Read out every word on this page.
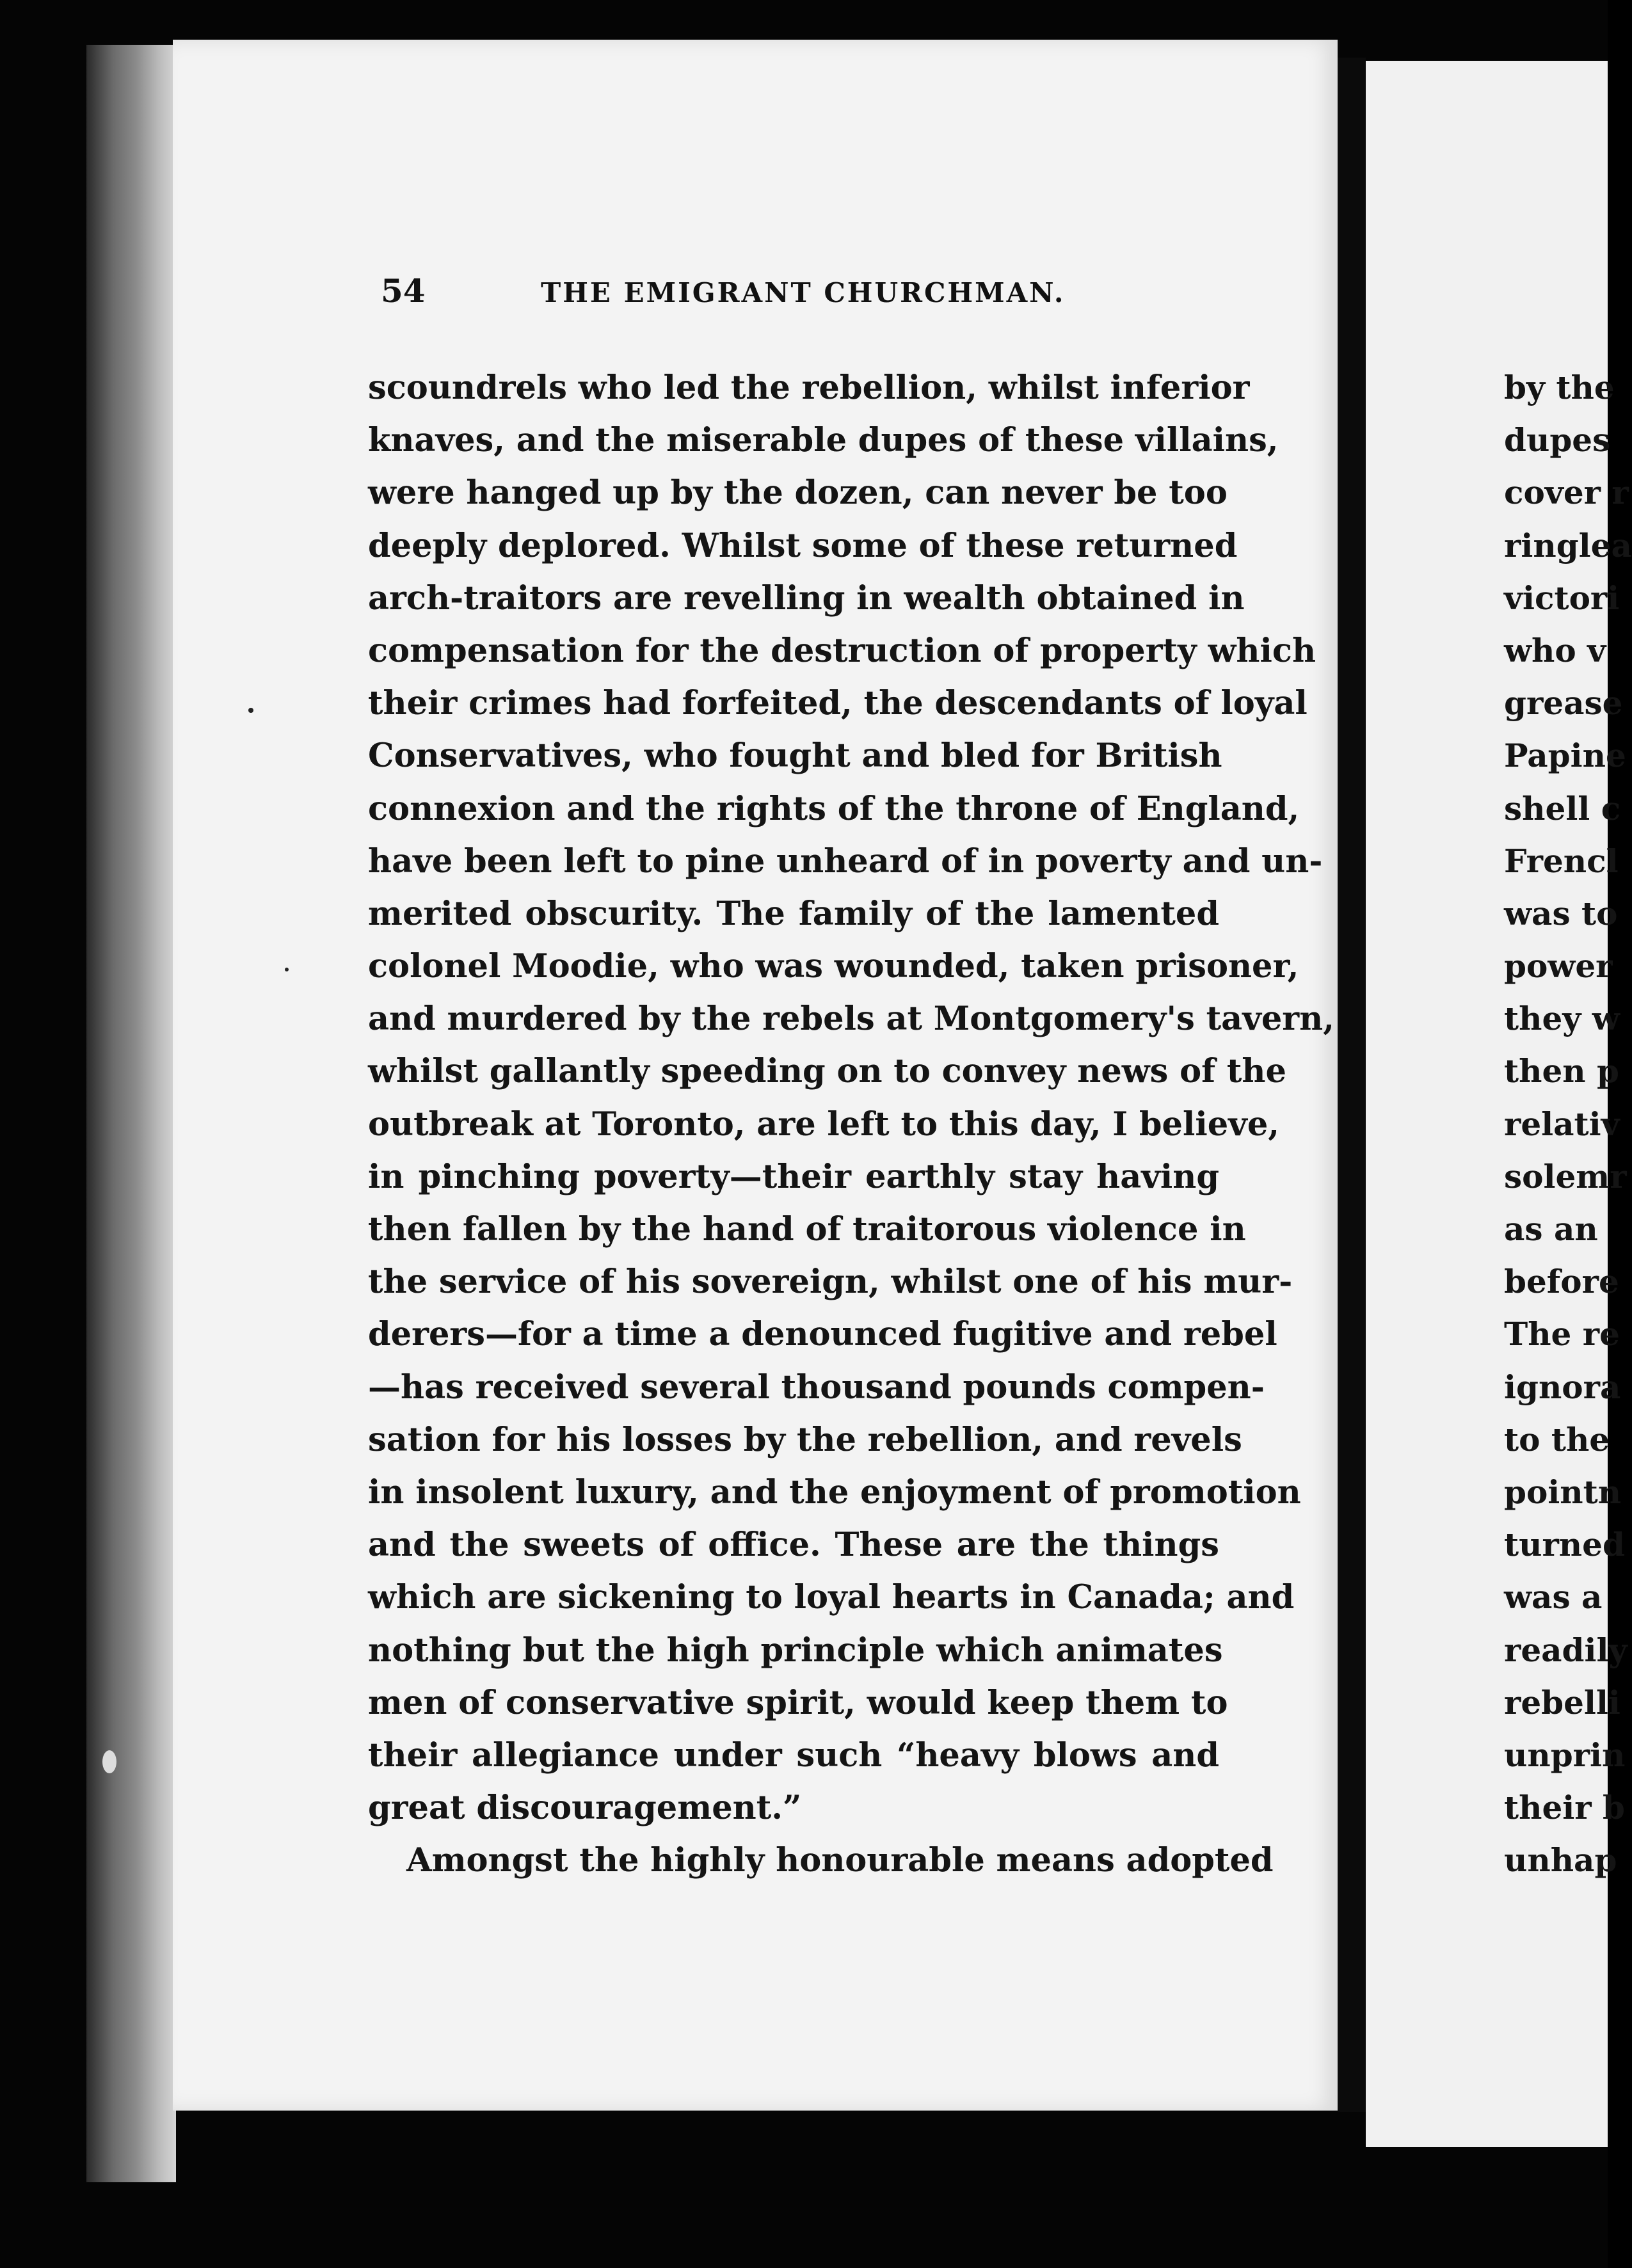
54	THE EMIGRANT CHURCHMAN.
scoundrels who led the rebellion, whilst inferior
knaves, and the miserable dupes of these villains,
were hanged up by the dozen, can never be too
deeply deplored. Whilst some of these returned
arch-traitors are revelling in wealth obtained in
compensation for the destruction of property which
their crimes had forfeited, the descendants of loyal
Conservatives, who fought and bled for British
connexion and the rights of the throne of England,
have been left to pine unheard of in poverty and un-
merited obscurity. The family of the lamented
colonel Moodie, who was wounded, taken prisoner,
and murdered by the rebels at Montgomery's tavern,
whilst gallantly speeding on to convey news of the
outbreak at Toronto, are left to this day, I believe,
in pinching poverty—their earthly stay having
then fallen by the hand of traitorous violence in
the service of his sovereign, whilst one of his mur-
derers—for a time a denounced fugitive and rebel
—has received several thousand pounds compen-
sation for his losses by the rebellion, and revels
in insolent luxury, and the enjoyment of promotion
and the sweets of office. These are the things
which are sickening to loyal hearts in Canada; and
nothing but the high principle which animates
men of conservative spirit, would keep them to
their allegiance under such “heavy blows and
great discouragement.”
Amongst the highly honourable means adopted
by the
dupes
cover r
ringlea
victori
who v
grease
Papine
shell c
Frencl
was to
power
they w
then p
relativ
solemr
as an
before
The re
ignora
to the
pointn
turned
was a
readily
rebelli
unprin
their b
unhap
